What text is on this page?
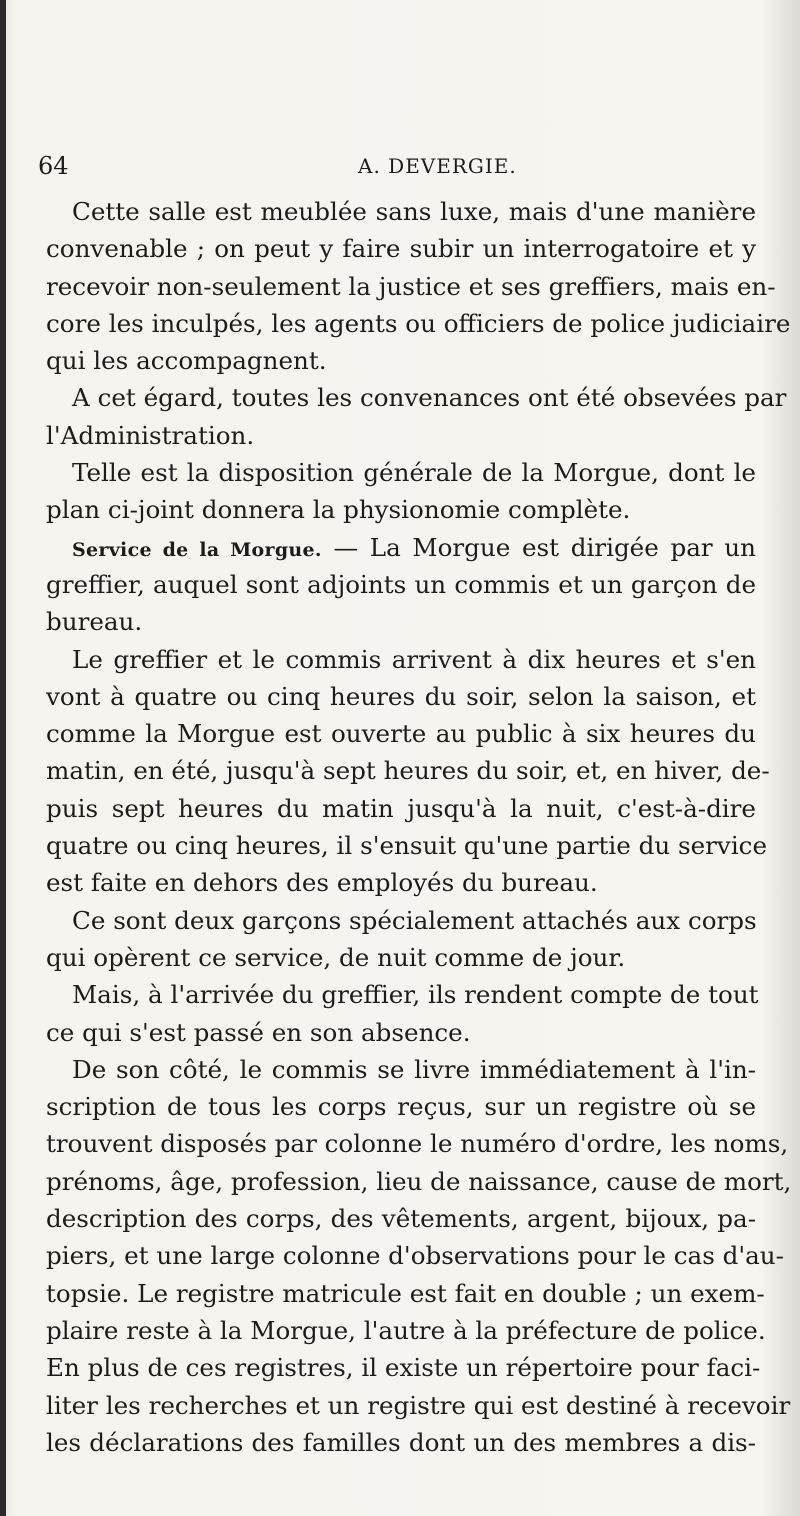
64	A. DEVERGIE.
Cette salle est meublée sans luxe, mais d'une manière
convenable ; on peut y faire subir un interrogatoire et y
recevoir non-seulement la justice et ses greffiers, mais en-
core les inculpés, les agents ou officiers de police judiciaire
qui les accompagnent.
A cet égard, toutes les convenances ont été obsevées par
l'Administration.
Telle est la disposition générale de la Morgue, dont le
plan ci-joint donnera la physionomie complète.
Service de la Morgue. — La Morgue est dirigée par un
greffier, auquel sont adjoints un commis et un garçon de
bureau.
Le greffier et le commis arrivent à dix heures et s'en
vont à quatre ou cinq heures du soir, selon la saison, et
comme la Morgue est ouverte au public à six heures du
matin, en été, jusqu'à sept heures du soir, et, en hiver, de-
puis sept heures du matin jusqu'à la nuit, c'est-à-dire
quatre ou cinq heures, il s'ensuit qu'une partie du service
est faite en dehors des employés du bureau.
Ce sont deux garçons spécialement attachés aux corps
qui opèrent ce service, de nuit comme de jour.
Mais, à l'arrivée du greffier, ils rendent compte de tout
ce qui s'est passé en son absence.
De son côté, le commis se livre immédiatement à l'in-
scription de tous les corps reçus, sur un registre où se
trouvent disposés par colonne le numéro d'ordre, les noms,
prénoms, âge, profession, lieu de naissance, cause de mort,
description des corps, des vêtements, argent, bijoux, pa-
piers, et une large colonne d'observations pour le cas d'au-
topsie. Le registre matricule est fait en double ; un exem-
plaire reste à la Morgue, l'autre à la préfecture de police.
En plus de ces registres, il existe un répertoire pour faci-
liter les recherches et un registre qui est destiné à recevoir
les déclarations des familles dont un des membres a dis-
